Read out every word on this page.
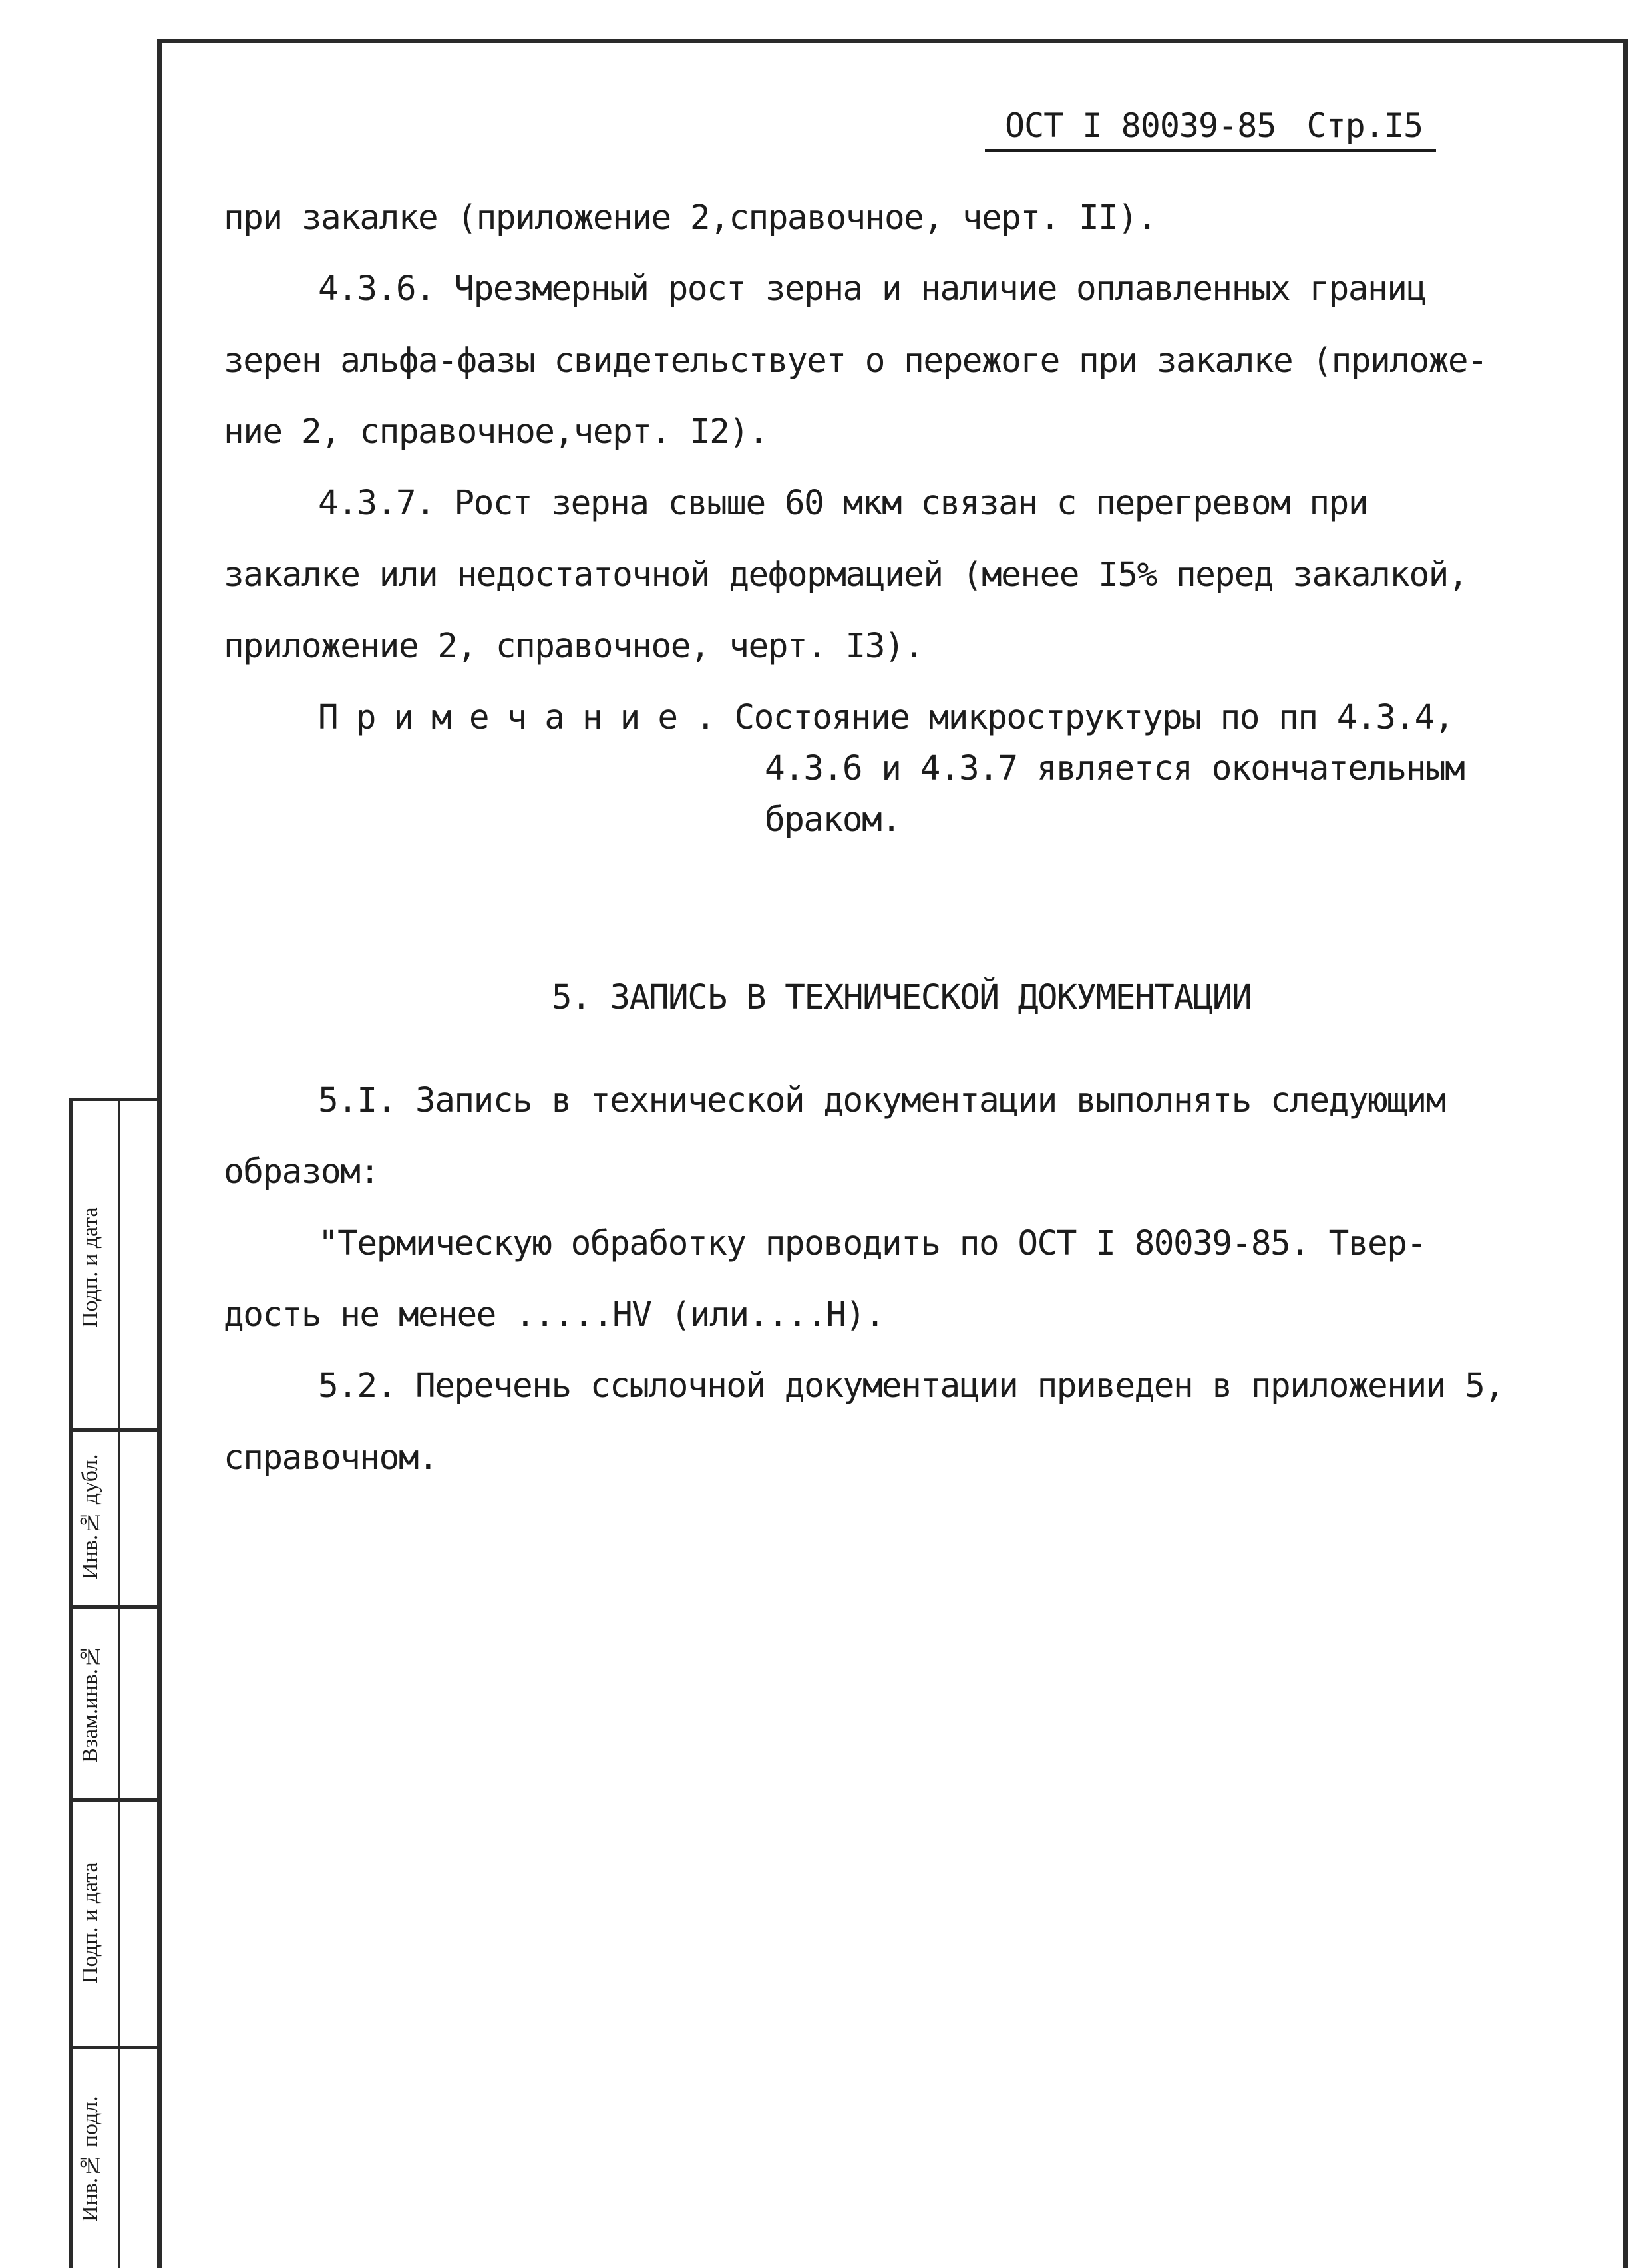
ОСТ I 80039-85 Стр.I5
при закалке (приложение 2,справочное, черт. II).
4.3.6. Чрезмерный рост зерна и наличие оплавленных границ
зерен альфа-фазы свидетельствует о пережоге при закалке (приложе-
ние 2, справочное,черт. I2).
4.3.7. Рост зерна свыше 60 мкм связан с перегревом при
закалке или недостаточной деформацией (менее I5% перед закалкой,
приложение 2, справочное, черт. I3).
Примечание. Состояние микроструктуры по пп 4.3.4,
4.3.6 и 4.3.7 является окончательным
браком.
5. ЗАПИСЬ В ТЕХНИЧЕСКОЙ ДОКУМЕНТАЦИИ
5.I. Запись в технической документации выполнять следующим
образом:
"Термическую обработку проводить по ОСТ I 80039-85. Твер-
дость не менее .....HV (или....H).
5.2. Перечень ссылочной документации приведен в приложении 5,
справочном.
Подп. и дата
Инв.№ дубл.
Взам.инв.№
Подп. и дата
Инв.№ подл.
